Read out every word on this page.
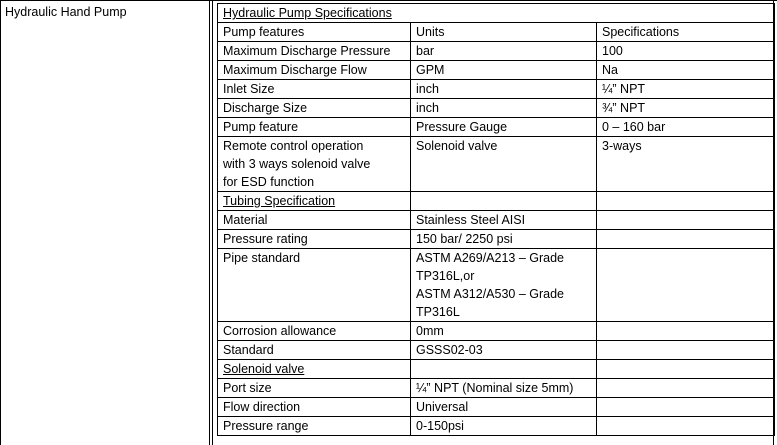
Hydraulic Hand Pump	Hydraulic Pump Specifications		
Pump features	Units	Specifications
Maximum Discharge Pressure	bar	100
Maximum Discharge Flow	GPM	Na
Inlet Size	inch	¼” NPT
Discharge Size	inch	¾” NPT
Pump feature	Pressure Gauge	0 – 160 bar

Remote control operation
with 3 ways solenoid valve
for ESD function	Solenoid valve	3-ways
Tubing Specification		
Material	Stainless Steel AISI	
Pressure rating	150 bar/ 2250 psi	
Pipe standard	ASTM A269/A213 – Grade
TP316L,or
ASTM A312/A530 – Grade
TP316L	

Corrosion allowance	0mm	
Standard	GSSS02-03	
Solenoid valve		
Port size	¼” NPT (Nominal size 5mm)	
Flow direction	Universal	
Pressure range	0-150psi	
